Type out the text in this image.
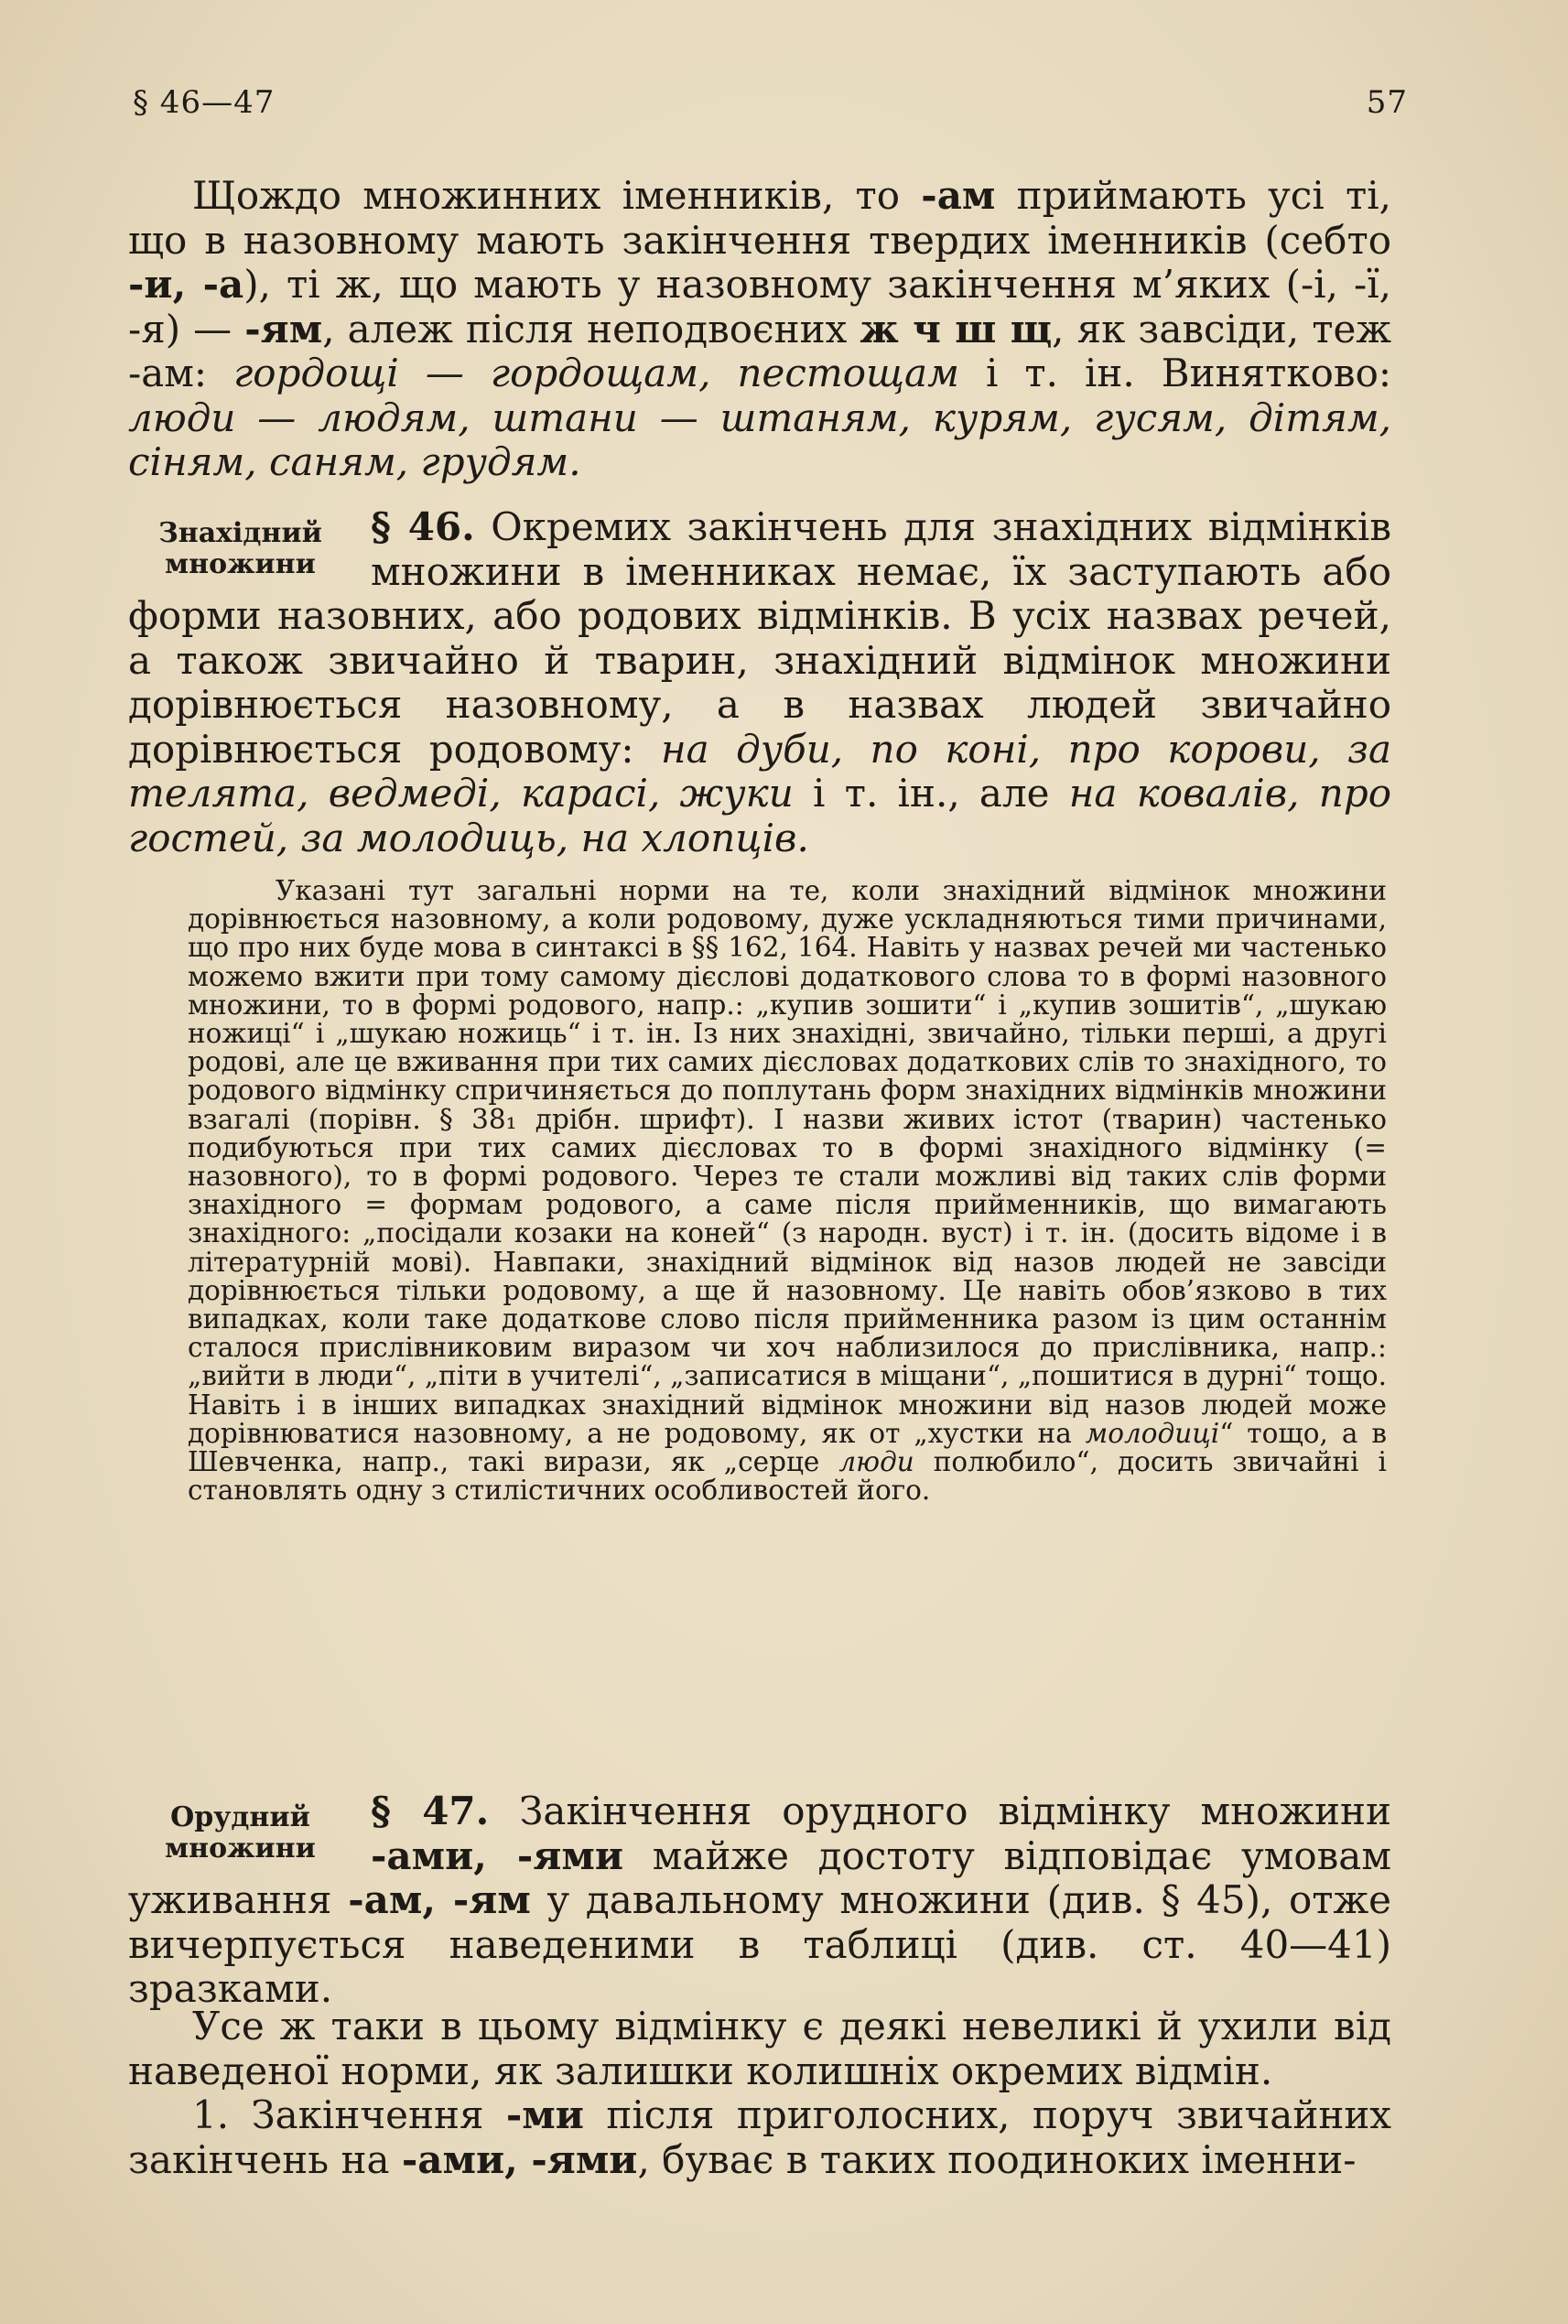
§ 46—47	57

Щождо множинних іменників, то -ам приймають усі ті, що в назовному мають закінчення твердих іменників (себто -и, -а), ті ж, що мають у назовному закінчення м’яких (-і, -ї, -я) — -ям, алеж після неподвоєних ж ч ш щ, як завсіди, теж -ам: гордощі — гордощам, пестощам і т. ін. Винятково: люди — людям, штани — штаням, курям, гусям, дітям, сіням, саням, грудям.

Знахідний множини

§ 46. Окремих закінчень для знахідних відмінків множини в іменниках немає, їх заступають або форми назовних, або родових відмінків. В усіх назвах речей, а також звичайно й тварин, знахідний відмінок множини дорівнюється назовному, а в назвах людей звичайно дорівнюється родовому: на дуби, по коні, про корови, за телята, ведмеді, карасі, жуки і т. ін., але на ковалів, про гостей, за молодиць, на хлопців.

Указані тут загальні норми на те, коли знахідний відмінок множини дорівнюється назовному, а коли родовому, дуже ускладняються тими причинами, що про них буде мова в синтаксі в §§ 162, 164. Навіть у назвах речей ми частенько можемо вжити при тому самому дієслові додаткового слова то в формі назовного множини, то в формі родового, напр.: „купив зошити“ і „купив зошитів“, „шукаю ножиці“ і „шукаю ножиць“ і т. ін. Із них знахідні, звичайно, тільки перші, а другі родові, але це вживання при тих самих дієсловах додаткових слів то знахідного, то родового відмінку спричиняється до поплутань форм знахідних відмінків множини взагалі (порівн. § 38₁ дрібн. шрифт). І назви живих істот (тварин) частенько подибуються при тих самих дієсловах то в формі знахідного відмінку (= назовного), то в формі родового. Через те стали можливі від таких слів форми знахідного = формам родового, а саме після прийменників, що вимагають знахідного: „посідали козаки на коней“ (з народн. вуст) і т. ін. (досить відоме і в літературній мові). Навпаки, знахідний відмінок від назов людей не завсіди дорівнюється тільки родовому, а ще й назовному. Це навіть обов’язково в тих випадках, коли таке додаткове слово після прийменника разом із цим останнім сталося прислівниковим виразом чи хоч наблизилося до прислівника, напр.: „вийти в люди“, „піти в учителі“, „записатися в міщани“, „пошитися в дурні“ тощо. Навіть і в інших випадках знахідний відмінок множини від назов людей може дорівнюватися назовному, а не родовому, як от „хустки на молодиці“ тощо, а в Шевченка, напр., такі вирази, як „серце люди полюбило“, досить звичайні і становлять одну з стилістичних особливостей його.

Орудний множини

§ 47. Закінчення орудного відмінку множини -ами, -ями майже достоту відповідає умовам уживання -ам, -ям у давальному множини (див. § 45), отже вичерпується наведеними в таблиці (див. ст. 40—41) зразками.

Усе ж таки в цьому відмінку є деякі невеликі й ухили від наведеної норми, як залишки колишніх окремих відмін.

1. Закінчення -ми після приголосних, поруч звичайних закінчень на -ами, -ями, буває в таких поодиноких іменни-
